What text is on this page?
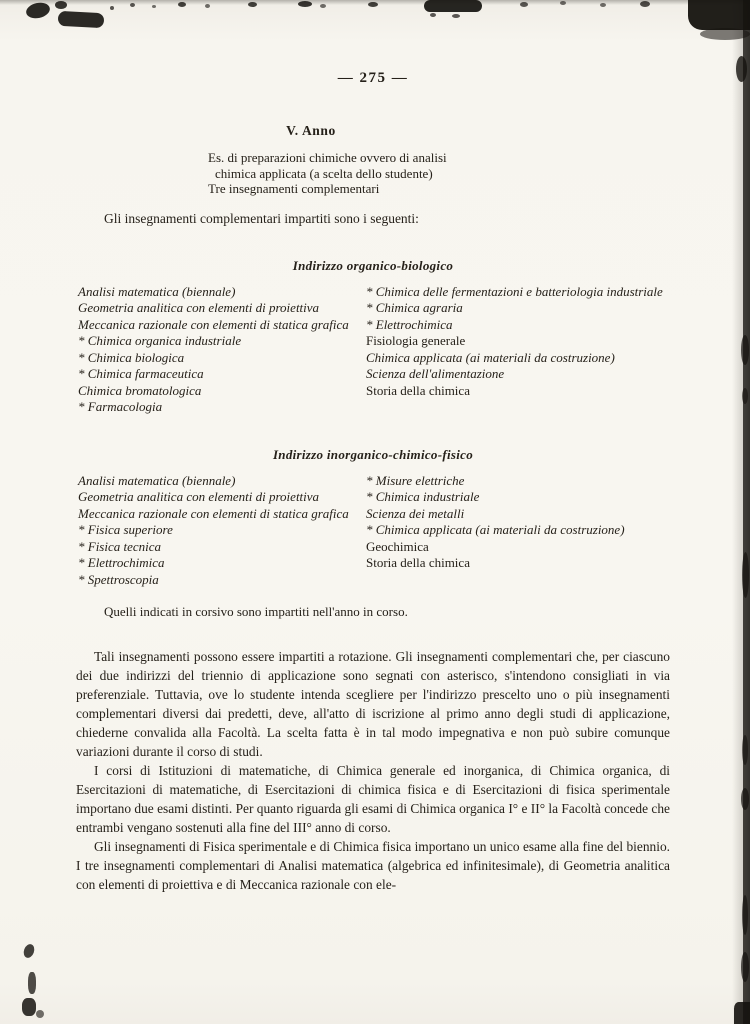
— 275 —
V. Anno
Es. di preparazioni chimiche ovvero di analisi
chimica applicata (a scelta dello studente)
Tre insegnamenti complementari

Gli insegnamenti complementari impartiti sono i seguenti:

Indirizzo organico-biologico
Analisi matematica (biennale)
Geometria analitica con elementi di proiettiva
Meccanica razionale con elementi di statica grafica
* Chimica organica industriale
* Chimica biologica
* Chimica farmaceutica
Chimica bromatologica
* Farmacologia
* Chimica delle fermentazioni e batteriologia industriale
* Chimica agraria
* Elettrochimica
Fisiologia generale
Chimica applicata (ai materiali da costruzione)
Scienza dell'alimentazione
Storia della chimica
Indirizzo inorganico-chimico-fisico
Analisi matematica (biennale)
Geometria analitica con elementi di proiettiva
Meccanica razionale con elementi di statica grafica
* Fisica superiore
* Fisica tecnica
* Elettrochimica
* Spettroscopia
* Misure elettriche
* Chimica industriale
Scienza dei metalli
* Chimica applicata (ai materiali da costruzione)
Geochimica
Storia della chimica

Quelli indicati in corsivo sono impartiti nell'anno in corso.

Tali insegnamenti possono essere impartiti a rotazione. Gli insegnamenti complementari che, per ciascuno dei due indirizzi del triennio di applicazione sono segnati con asterisco, s'intendono consigliati in via preferenziale. Tuttavia, ove lo studente intenda scegliere per l'indirizzo prescelto uno o più insegnamenti complementari diversi dai predetti, deve, all'atto di iscrizione al primo anno degli studi di applicazione, chiederne convalida alla Facoltà. La scelta fatta è in tal modo impegnativa e non può subire comunque variazioni durante il corso di studi.

I corsi di Istituzioni di matematiche, di Chimica generale ed inorganica, di Chimica organica, di Esercitazioni di matematiche, di Esercitazioni di chimica fisica e di Esercitazioni di fisica sperimentale importano due esami distinti. Per quanto riguarda gli esami di Chimica organica I° e II° la Facoltà concede che entrambi vengano sostenuti alla fine del III° anno di corso.

Gli insegnamenti di Fisica sperimentale e di Chimica fisica importano un unico esame alla fine del biennio. I tre insegnamenti complementari di Analisi matematica (algebrica ed infinitesimale), di Geometria analitica con elementi di proiettiva e di Meccanica razionale con ele-
